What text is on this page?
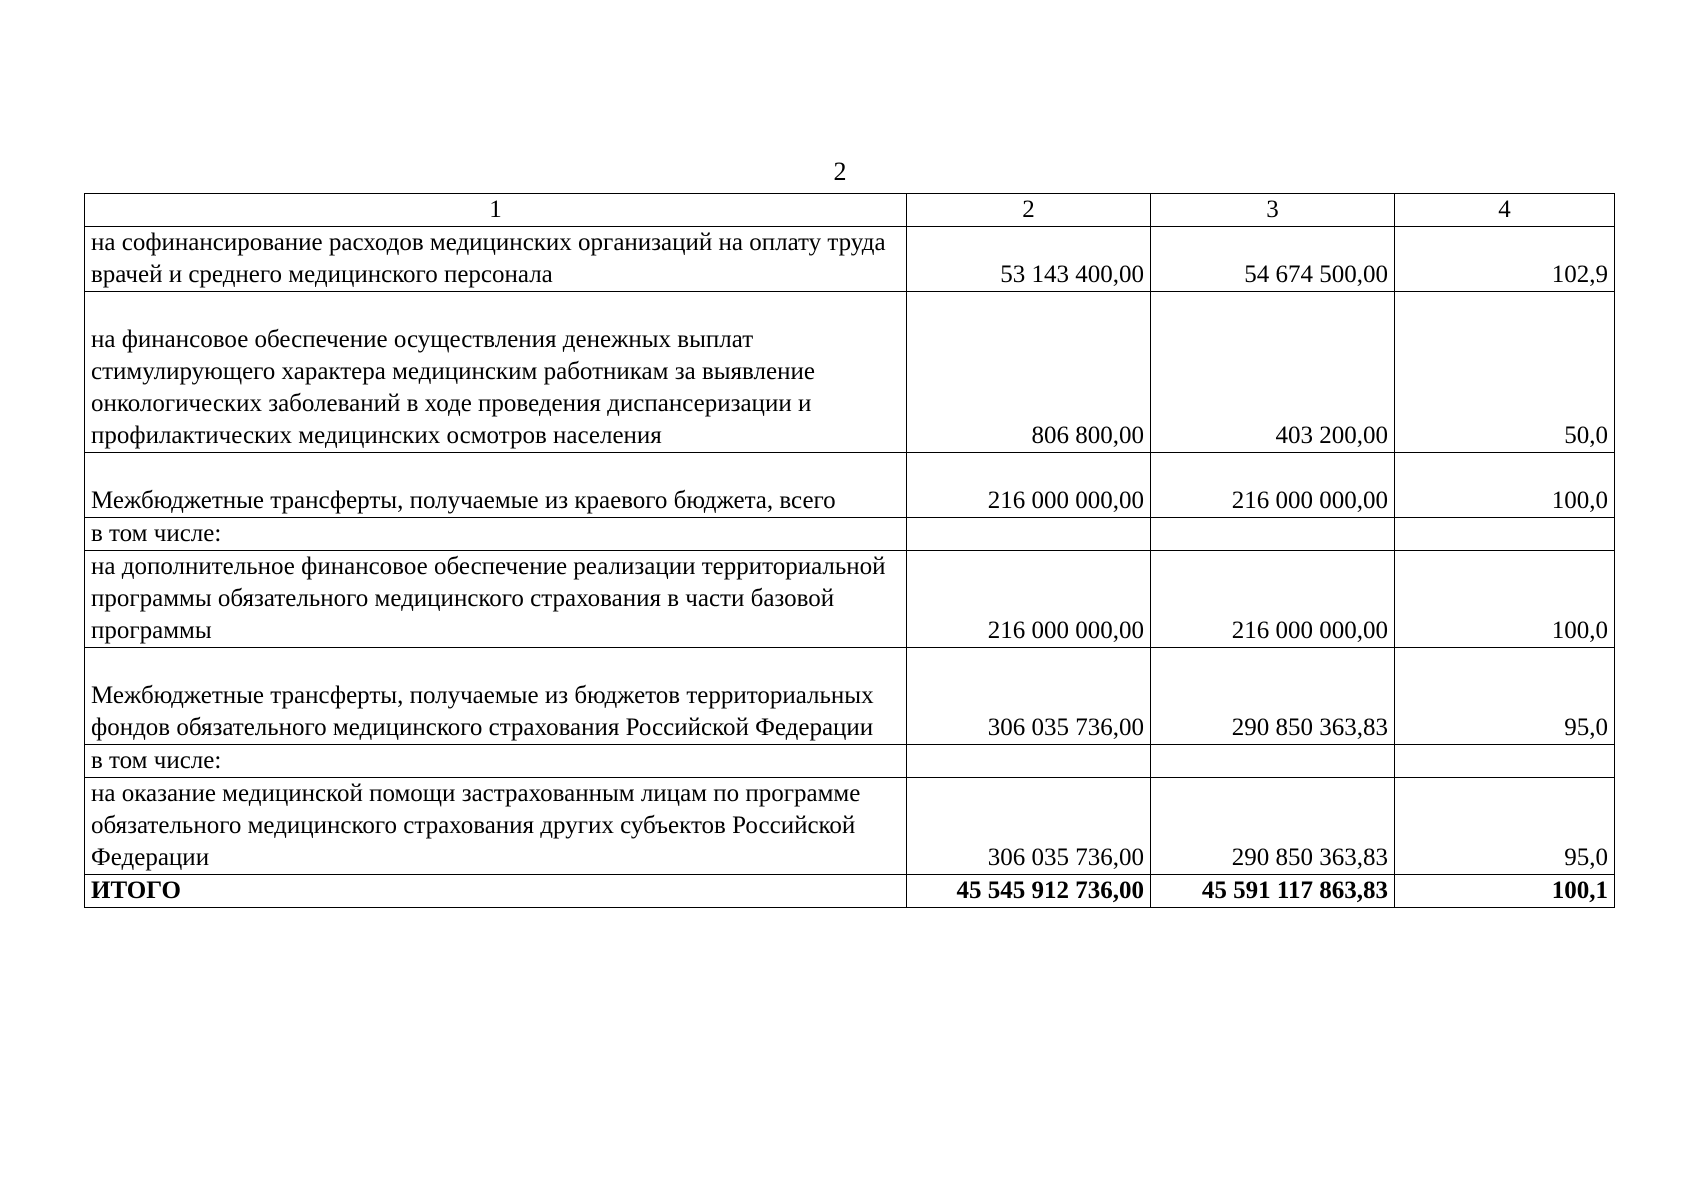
2
1	2	3	4
на софинансирование расходов медицинских организаций на оплату труда врачей и среднего медицинского персонала	53 143 400,00	54 674 500,00	102,9
на финансовое обеспечение осуществления денежных выплат стимулирующего характера медицинским работникам за выявление онкологических заболеваний в ходе проведения диспансеризации и профилактических медицинских осмотров населения	806 800,00	403 200,00	50,0
Межбюджетные трансферты, получаемые из краевого бюджета, всего	216 000 000,00	216 000 000,00	100,0
в том числе:			
на дополнительное финансовое обеспечение реализации территориальной программы обязательного медицинского страхования в части базовой программы	216 000 000,00	216 000 000,00	100,0
Межбюджетные трансферты, получаемые из бюджетов территориальных фондов обязательного медицинского страхования Российской Федерации	306 035 736,00	290 850 363,83	95,0
в том числе:			
на оказание медицинской помощи застрахованным лицам по программе обязательного медицинского страхования других субъектов Российской Федерации	306 035 736,00	290 850 363,83	95,0
ИТОГО	45 545 912 736,00	45 591 117 863,83	100,1
